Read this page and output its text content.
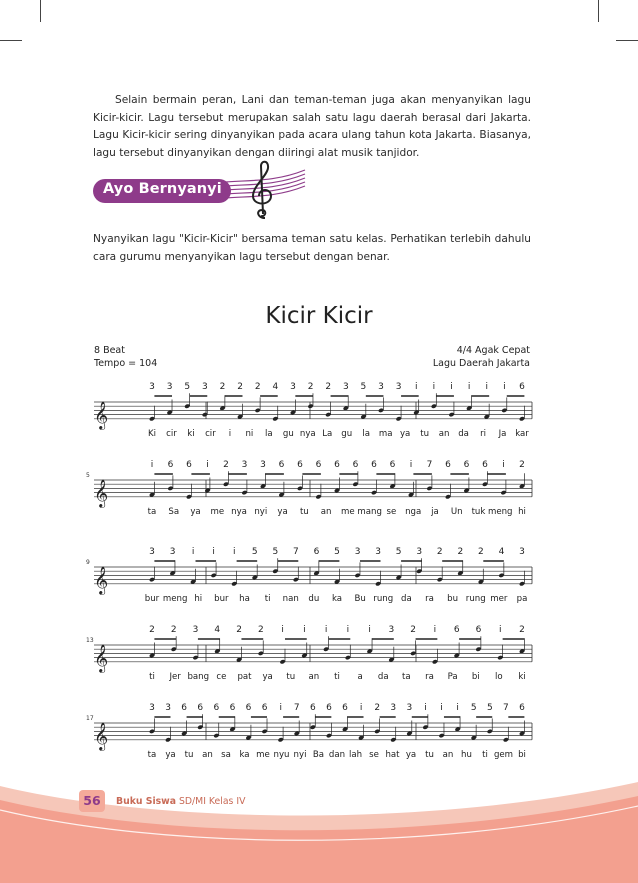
Selain bermain peran, Lani dan teman-teman juga akan menyanyikan lagu Kicir-kicir. Lagu tersebut merupakan salah satu lagu daerah berasal dari Jakarta. Lagu Kicir-kicir sering dinyanyikan pada acara ulang tahun kota Jakarta. Biasanya, lagu tersebut dinyanyikan dengan diiringi alat musik tanjidor.

Ayo Bernyanyi

Nyanyikan lagu "Kicir-Kicir" bersama teman satu kelas. Perhatikan terlebih dahulu cara gurumu menyanyikan lagu tersebut dengan benar.

Kicir Kicir
8 Beat
Tempo = 104
4/4 Agak Cepat
Lagu Daerah Jakarta
𝄞
3 3 5 3 2 2 2 4 3 2 2 3 5 3 3 i i i i i i 6
Ki cir ki cir i ni la gu nya La gu la ma ya tu an da ri Ja kar
𝄞
5
i 6 6 i 2 3 3 6 6 6 6 6 6 6 i 7 6 6 6 i 2
ta Sa ya me nya nyi ya tu an me mang se nga ja Un tuk meng hi
𝄞
9
3 3 i i i 5 5 7 6 5 3 3 5 3 2 2 2 4 3
bur meng hi bur ha ti nan du ka Bu rung da ra bu rung mer pa
𝄞
13
2 2 3 4 2 2 i i i i i 3 2 i 6 6 i 2
ti Jer bang ce pat ya tu an ti a da ta ra Pa bi lo ki
𝄞
17
3 3 6 6 6 6 6 6 i 7 6 6 6 i 2 3 3 i i i 5 5 7 6
ta ya tu an sa ka me nyu nyi Ba dan lah se hat ya tu an hu ti gem bi
56	Buku Siswa SD/MI Kelas IV
